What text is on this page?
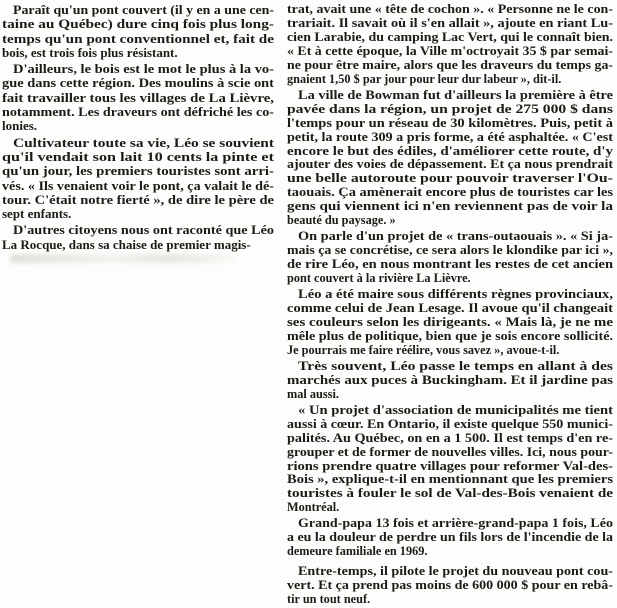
Paraît qu'un pont couvert (il y en a une cen-
taine au Québec) dure cinq fois plus long-
temps qu'un pont conventionnel et, fait de
bois, est trois fois plus résistant.
D'ailleurs, le bois est le mot le plus à la vo-
gue dans cette région. Des moulins à scie ont
fait travailler tous les villages de La Lièvre,
notamment. Les draveurs ont défriché les co-
lonies.
Cultivateur toute sa vie, Léo se souvient
qu'il vendait son lait 10 cents la pinte et
qu'un jour, les premiers touristes sont arri-
vés. « Ils venaient voir le pont, ça valait le dé-
tour. C'était notre fierté », de dire le père de
sept enfants.
D'autres citoyens nous ont raconté que Léo
La Rocque, dans sa chaise de premier magis-
trat, avait une « tête de cochon ». « Personne ne le con-
trariait. Il savait où il s'en allait », ajoute en riant Lu-
cien Larabie, du camping Lac Vert, qui le connaît bien.
« Et à cette époque, la Ville m'octroyait 35 $ par semai-
ne pour être maire, alors que les draveurs du temps ga-
gnaient 1,50 $ par jour pour leur dur labeur », dit-il.
La ville de Bowman fut d'ailleurs la première à être
pavée dans la région, un projet de 275 000 $ dans
l'temps pour un réseau de 30 kilomètres. Puis, petit à
petit, la route 309 a pris forme, a été asphaltée. « C'est
encore le but des édiles, d'améliorer cette route, d'y
ajouter des voies de dépassement. Et ça nous prendrait
une belle autoroute pour pouvoir traverser l'Ou-
taouais. Ça amènerait encore plus de touristes car les
gens qui viennent ici n'en reviennent pas de voir la
beauté du paysage. »
On parle d'un projet de « trans-outaouais ». « Si ja-
mais ça se concrétise, ce sera alors le klondike par ici »,
de rire Léo, en nous montrant les restes de cet ancien
pont couvert à la rivière La Lièvre.
Léo a été maire sous différents règnes provinciaux,
comme celui de Jean Lesage. Il avoue qu'il changeait
ses couleurs selon les dirigeants. « Mais là, je ne me
mêle plus de politique, bien que je sois encore sollicité.
Je pourrais me faire réélire, vous savez », avoue-t-il.
Très souvent, Léo passe le temps en allant à des
marchés aux puces à Buckingham. Et il jardine pas
mal aussi.
« Un projet d'association de municipalités me tient
aussi à cœur. En Ontario, il existe quelque 550 munici-
palités. Au Québec, on en a 1 500. Il est temps d'en re-
grouper et de former de nouvelles villes. Ici, nous pour-
rions prendre quatre villages pour reformer Val-des-
Bois », explique-t-il en mentionnant que les premiers
touristes à fouler le sol de Val-des-Bois venaient de
Montréal.
Grand-papa 13 fois et arrière-grand-papa 1 fois, Léo
a eu la douleur de perdre un fils lors de l'incendie de la
demeure familiale en 1969.
Entre-temps, il pilote le projet du nouveau pont cou-
vert. Et ça prend pas moins de 600 000 $ pour en rebâ-
tir un tout neuf.
